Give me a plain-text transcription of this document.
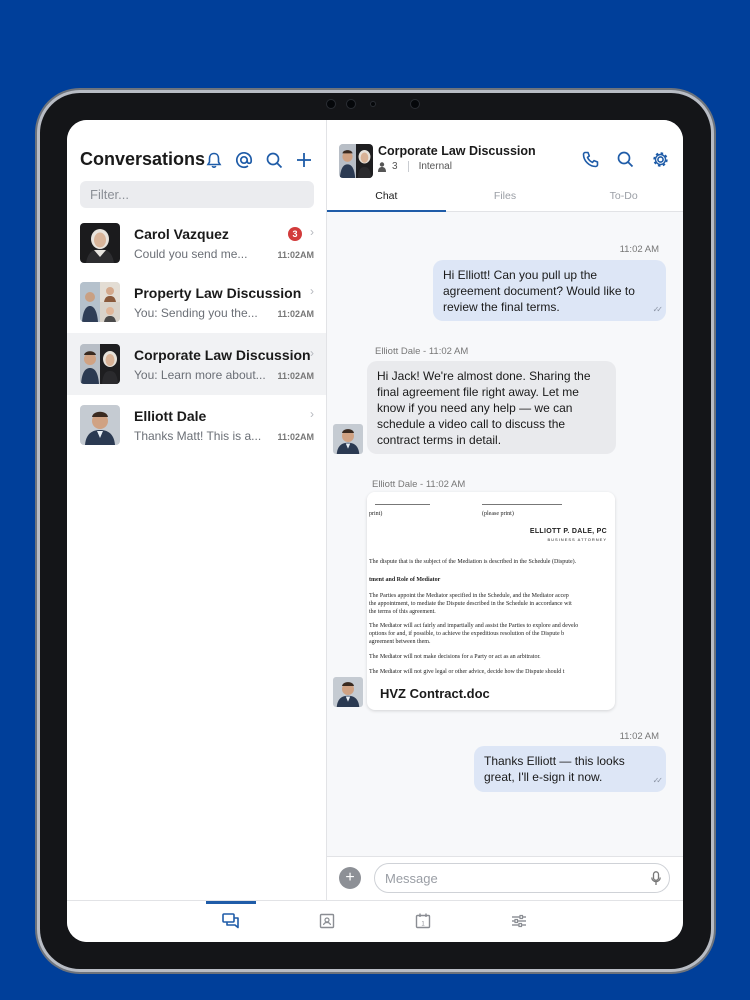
Conversations
Filter...
Carol Vazquez
Could you send me...
3	›
11:02AM
Property Law Discussion
You: Sending you the...
›
11:02AM
Corporate Law Discussion
You: Learn more about...
›
11:02AM
Elliott Dale
Thanks Matt! This is a...
›
11:02AM
Corporate Law Discussion
3 Internal
Chat	Files	To-Do
11:02 AM
Hi Elliott! Can you pull up the agreement document? Would like to review the final terms.	✓✓
Elliott Dale - 11:02 AM
Hi Jack! We're almost done. Sharing the final agreement file right away. Let me know if you need any help — we can schedule a video call to discuss the contract terms in detail.
Elliott Dale - 11:02 AM
print)	(please print)
ELLIOTT P. DALE, PC
BUSINESS ATTORNEY
The dispute that is the subject of the Mediation is described in the Schedule (Dispute).
tment and Role of Mediator
The Parties appoint the Mediator specified in the Schedule, and the Mediator accep
the appointment, to mediate the Dispute described in the Schedule in accordance wit
the terms of this agreement.
The Mediator will act fairly and impartially and assist the Parties to explore and develo
options for and, if possible, to achieve the expeditious resolution of the Dispute b
agreement between them.
The Mediator will not make decisions for a Party or act as an arbitrator.
The Mediator will not give legal or other advice, decide how the Dispute should t
HVZ Contract.doc
11:02 AM
Thanks Elliott — this looks great, I'll e-sign it now.	✓✓
+
Message
1
